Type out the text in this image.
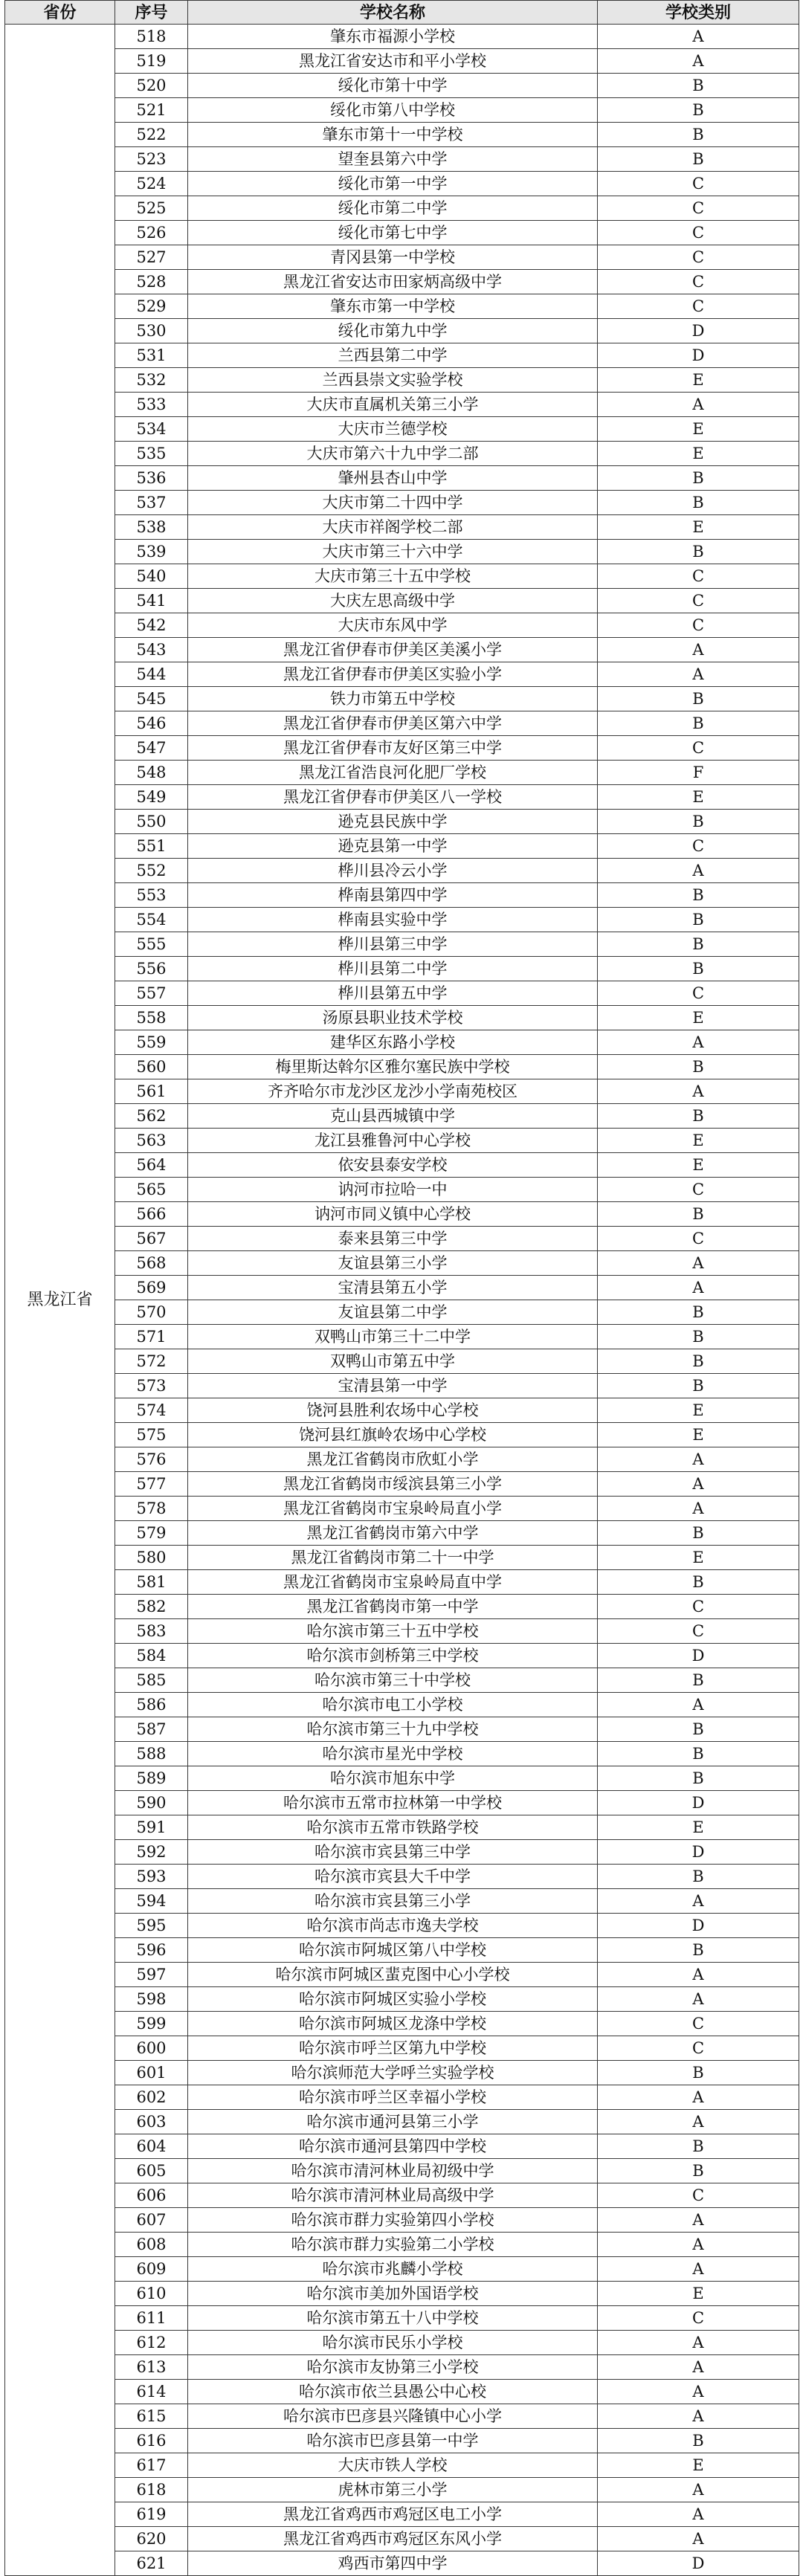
省份	序号	学校名称	学校类别
黑龙江省	518	肇东市福源小学校	A
	519	黑龙江省安达市和平小学校	A
	520	绥化市第十中学	B
	521	绥化市第八中学校	B
	522	肇东市第十一中学校	B
	523	望奎县第六中学	B
	524	绥化市第一中学	C
	525	绥化市第二中学	C
	526	绥化市第七中学	C
	527	青冈县第一中学校	C
	528	黑龙江省安达市田家炳高级中学	C
	529	肇东市第一中学校	C
	530	绥化市第九中学	D
	531	兰西县第二中学	D
	532	兰西县崇文实验学校	E
	533	大庆市直属机关第三小学	A
	534	大庆市兰德学校	E
	535	大庆市第六十九中学二部	E
	536	肇州县杏山中学	B
	537	大庆市第二十四中学	B
	538	大庆市祥阁学校二部	E
	539	大庆市第三十六中学	B
	540	大庆市第三十五中学校	C
	541	大庆左思高级中学	C
	542	大庆市东风中学	C
	543	黑龙江省伊春市伊美区美溪小学	A
	544	黑龙江省伊春市伊美区实验小学	A
	545	铁力市第五中学校	B
	546	黑龙江省伊春市伊美区第六中学	B
	547	黑龙江省伊春市友好区第三中学	C
	548	黑龙江省浩良河化肥厂学校	F
	549	黑龙江省伊春市伊美区八一学校	E
	550	逊克县民族中学	B
	551	逊克县第一中学	C
	552	桦川县冷云小学	A
	553	桦南县第四中学	B
	554	桦南县实验中学	B
	555	桦川县第三中学	B
	556	桦川县第二中学	B
	557	桦川县第五中学	C
	558	汤原县职业技术学校	E
	559	建华区东路小学校	A
	560	梅里斯达斡尔区雅尔塞民族中学校	B
	561	齐齐哈尔市龙沙区龙沙小学南苑校区	A
	562	克山县西城镇中学	B
	563	龙江县雅鲁河中心学校	E
	564	依安县泰安学校	E
	565	讷河市拉哈一中	C
	566	讷河市同义镇中心学校	B
	567	泰来县第三中学	C
	568	友谊县第三小学	A
	569	宝清县第五小学	A
	570	友谊县第二中学	B
	571	双鸭山市第三十二中学	B
	572	双鸭山市第五中学	B
	573	宝清县第一中学	B
	574	饶河县胜利农场中心学校	E
	575	饶河县红旗岭农场中心学校	E
	576	黑龙江省鹤岗市欣虹小学	A
	577	黑龙江省鹤岗市绥滨县第三小学	A
	578	黑龙江省鹤岗市宝泉岭局直小学	A
	579	黑龙江省鹤岗市第六中学	B
	580	黑龙江省鹤岗市第二十一中学	E
	581	黑龙江省鹤岗市宝泉岭局直中学	B
	582	黑龙江省鹤岗市第一中学	C
	583	哈尔滨市第三十五中学校	C
	584	哈尔滨市剑桥第三中学校	D
	585	哈尔滨市第三十中学校	B
	586	哈尔滨市电工小学校	A
	587	哈尔滨市第三十九中学校	B
	588	哈尔滨市星光中学校	B
	589	哈尔滨市旭东中学	B
	590	哈尔滨市五常市拉林第一中学校	D
	591	哈尔滨市五常市铁路学校	E
	592	哈尔滨市宾县第三中学	D
	593	哈尔滨市宾县大千中学	B
	594	哈尔滨市宾县第三小学	A
	595	哈尔滨市尚志市逸夫学校	D
	596	哈尔滨市阿城区第八中学校	B
	597	哈尔滨市阿城区蜚克图中心小学校	A
	598	哈尔滨市阿城区实验小学校	A
	599	哈尔滨市阿城区龙涤中学校	C
	600	哈尔滨市呼兰区第九中学校	C
	601	哈尔滨师范大学呼兰实验学校	B
	602	哈尔滨市呼兰区幸福小学校	A
	603	哈尔滨市通河县第三小学	A
	604	哈尔滨市通河县第四中学校	B
	605	哈尔滨市清河林业局初级中学	B
	606	哈尔滨市清河林业局高级中学	C
	607	哈尔滨市群力实验第四小学校	A
	608	哈尔滨市群力实验第二小学校	A
	609	哈尔滨市兆麟小学校	A
	610	哈尔滨市美加外国语学校	E
	611	哈尔滨市第五十八中学校	C
	612	哈尔滨市民乐小学校	A
	613	哈尔滨市友协第三小学校	A
	614	哈尔滨市依兰县愚公中心校	A
	615	哈尔滨市巴彦县兴隆镇中心小学	A
	616	哈尔滨市巴彦县第一中学	B
	617	大庆市铁人学校	E
	618	虎林市第三小学	A
	619	黑龙江省鸡西市鸡冠区电工小学	A
	620	黑龙江省鸡西市鸡冠区东风小学	A
	621	鸡西市第四中学	D
